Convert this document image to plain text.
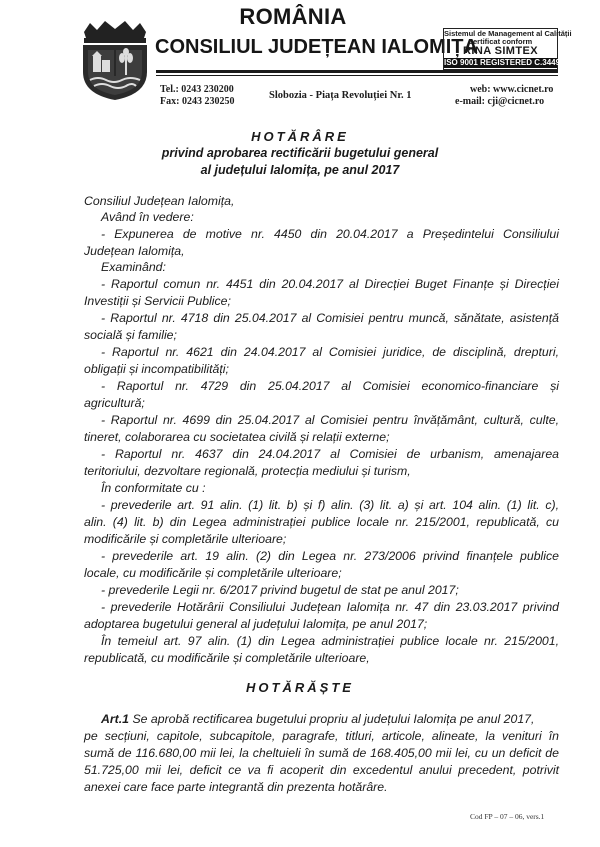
ROMÂNIA
CONSILIUL JUDEȚEAN IALOMIȚA
Sistemul de Management al Calității
certificat conform
RINA SIMTEX
ISO 9001 REGISTERED C.3449.1
Tel.: 0243 230200
Fax: 0243 230250
Slobozia - Piața Revoluției Nr. 1
web: www.cicnet.ro
e-mail: cji@cicnet.ro
HOTĂRÂRE
privind aprobarea rectificării bugetului general
al județului Ialomița, pe anul 2017
Consiliul Județean Ialomița,
Având în vedere:
- Expunerea de motive nr. 4450 din 20.04.2017 a Președintelui Consiliului
Județean Ialomița,
Examinând:
- Raportul comun nr. 4451 din 20.04.2017 al Direcției Buget Finanțe și Direcției
Investiții și Servicii Publice;
- Raportul nr. 4718 din 25.04.2017 al Comisiei pentru muncă, sănătate, asistență
socială și familie;
- Raportul nr. 4621 din 24.04.2017 al Comisiei juridice, de disciplină, drepturi,
obligații și incompatibilități;
- Raportul nr. 4729 din 25.04.2017 al Comisiei economico-financiare și
agricultură;
- Raportul nr. 4699 din 25.04.2017 al Comisiei pentru învățământ, cultură, culte,
tineret, colaborarea cu societatea civilă și relații externe;
- Raportul nr. 4637 din 24.04.2017 al Comisiei de urbanism, amenajarea
teritoriului, dezvoltare regională, protecția mediului și turism,
În conformitate cu :
- prevederile art. 91 alin. (1) lit. b) și f) alin. (3) lit. a) și art. 104 alin. (1) lit. c),
alin. (4) lit. b) din Legea administrației publice locale nr. 215/2001, republicată, cu
modificările și completările ulterioare;
- prevederile art. 19 alin. (2) din Legea nr. 273/2006 privind finanțele publice
locale, cu modificările și completările ulterioare;
- prevederile Legii nr. 6/2017 privind bugetul de stat pe anul 2017;
- prevederile Hotărârii Consiliului Județean Ialomița nr. 47 din 23.03.2017 privind
adoptarea bugetului general al județului Ialomița, pe anul 2017;
În temeiul art. 97 alin. (1) din Legea administrației publice locale nr. 215/2001,
republicată, cu modificările și completările ulterioare,
HOTĂRĂȘTE
Art.1 Se aprobă rectificarea bugetului propriu al județului Ialomița pe anul 2017,
pe secțiuni, capitole, subcapitole, paragrafe, titluri, articole, alineate, la venituri în
sumă de 116.680,00 mii lei, la cheltuieli în sumă de 168.405,00 mii lei, cu un deficit de
51.725,00 mii lei, deficit ce va fi acoperit din excedentul anului precedent, potrivit
anexei care face parte integrantă din prezenta hotărâre.
Cod FP – 07 – 06, vers.1
